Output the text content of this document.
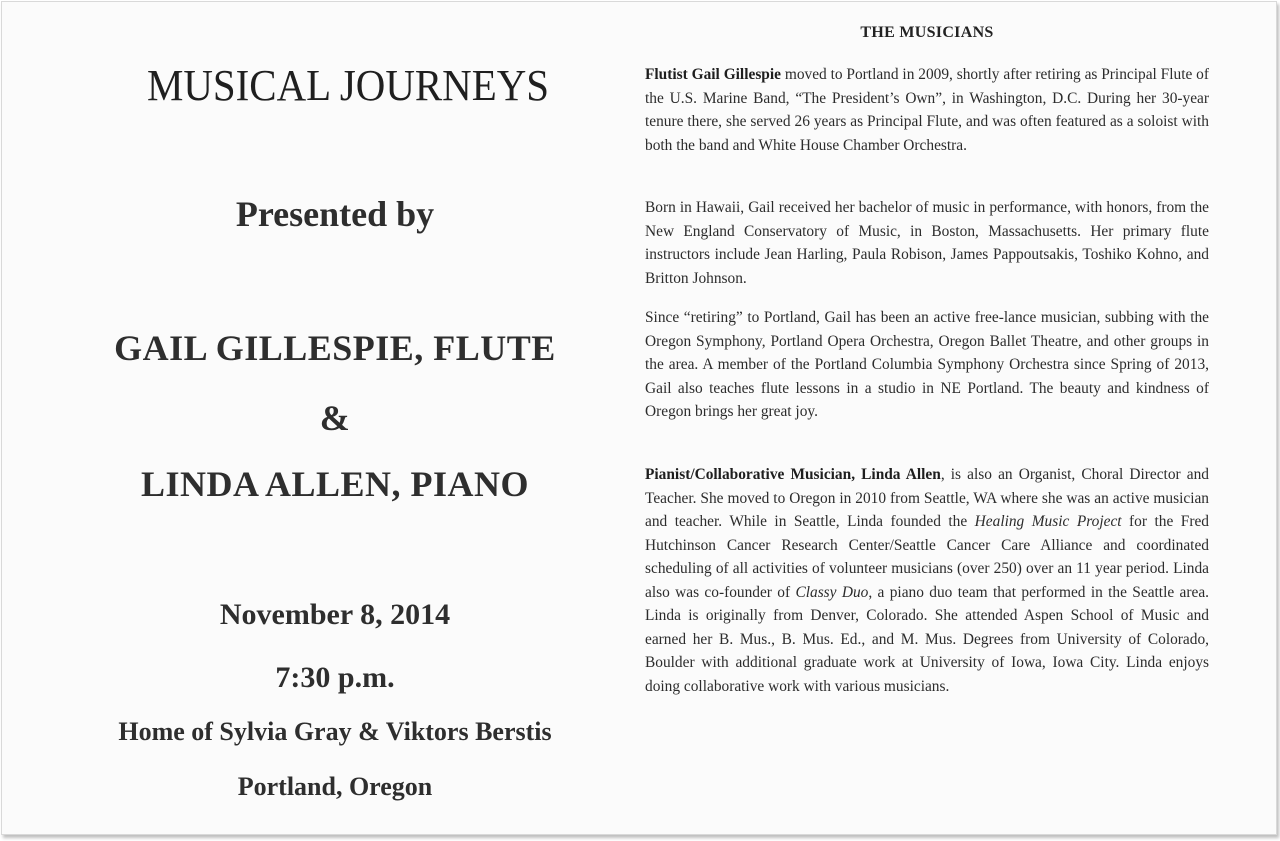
MUSICAL JOURNEYS
Presented by
GAIL GILLESPIE, FLUTE
&
LINDA ALLEN, PIANO
November 8, 2014
7:30 p.m.
Home of Sylvia Gray & Viktors Berstis
Portland, Oregon
THE MUSICIANS

Flutist Gail Gillespie moved to Portland in 2009, shortly after retiring as Principal Flute of the U.S. Marine Band, “The President’s Own”, in Washington, D.C. During her 30-year tenure there, she served 26 years as Principal Flute, and was often featured as a soloist with both the band and White House Chamber Orchestra.

Born in Hawaii, Gail received her bachelor of music in performance, with honors, from the New England Conservatory of Music, in Boston, Massachusetts. Her primary flute instructors include Jean Harling, Paula Robison, James Pappoutsakis, Toshiko Kohno, and Britton Johnson.

Since “retiring” to Portland, Gail has been an active free-lance musician, subbing with the Oregon Symphony, Portland Opera Orchestra, Oregon Ballet Theatre, and other groups in the area. A member of the Portland Columbia Symphony Orchestra since Spring of 2013, Gail also teaches flute lessons in a studio in NE Portland. The beauty and kindness of Oregon brings her great joy.

Pianist/Collaborative Musician, Linda Allen, is also an Organist, Choral Director and Teacher. She moved to Oregon in 2010 from Seattle, WA where she was an active musician and teacher. While in Seattle, Linda founded the Healing Music Project for the Fred Hutchinson Cancer Research Center/Seattle Cancer Care Alliance and coordinated scheduling of all activities of volunteer musicians (over 250) over an 11 year period. Linda also was co-founder of Classy Duo, a piano duo team that performed in the Seattle area. Linda is originally from Denver, Colorado. She attended Aspen School of Music and earned her B. Mus., B. Mus. Ed., and M. Mus. Degrees from University of Colorado, Boulder with additional graduate work at University of Iowa, Iowa City. Linda enjoys doing collaborative work with various musicians.
